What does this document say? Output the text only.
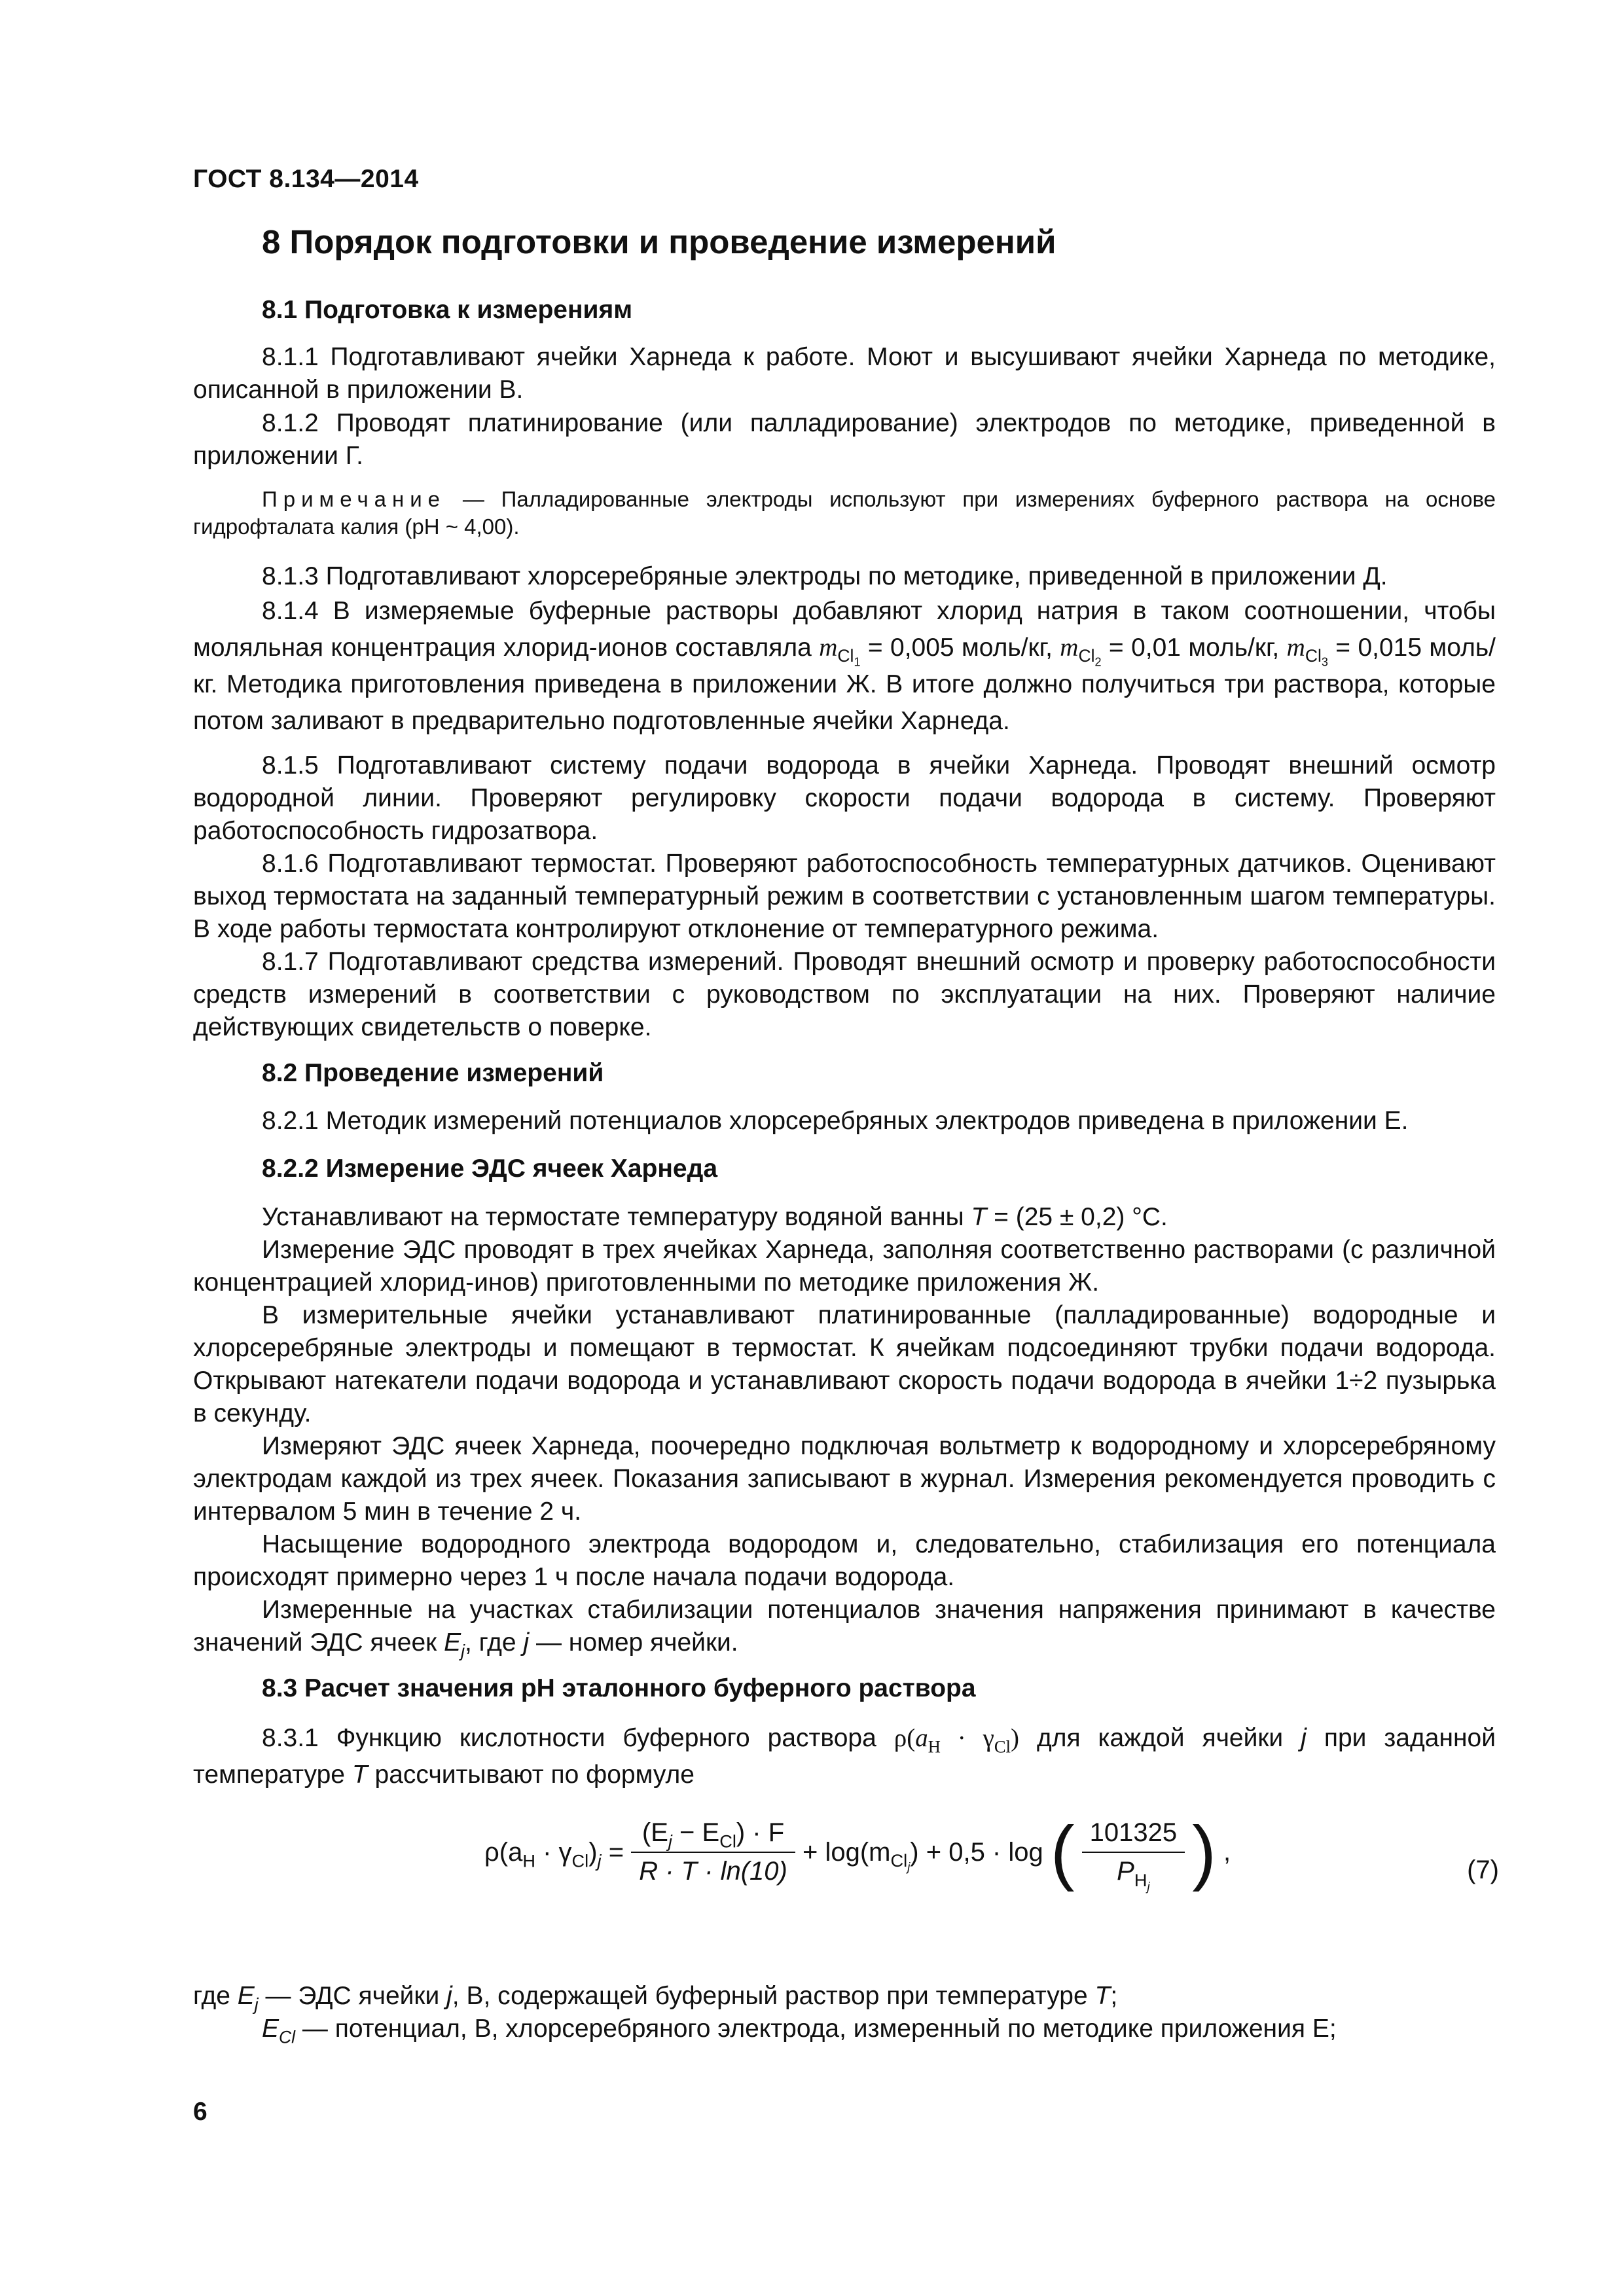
ГОСТ 8.134—2014
8 Порядок подготовки и проведение измерений
8.1 Подготовка к измерениям
8.1.1 Подготавливают ячейки Харнеда к работе. Моют и высушивают ячейки Харнеда по методике, описанной в приложении В.
8.1.2 Проводят платинирование (или палладирование) электродов по методике, приведенной в приложении Г.
Примечание — Палладированные электроды используют при измерениях буферного раствора на основе гидрофталата калия (pH ~ 4,00).
8.1.3 Подготавливают хлорсеребряные электроды по методике, приведенной в приложении Д.
8.1.4 В измеряемые буферные растворы добавляют хлорид натрия в таком соотношении, чтобы моляльная концентрация хлорид-ионов составляла $m_{Cl_1} = 0,005$ моль/кг, $m_{Cl_2} = 0,01$ моль/кг, $m_{Cl_3} = 0,015$ моль/кг. Методика приготовления приведена в приложении Ж. В итоге должно получиться три раствора, которые потом заливают в предварительно подготовленные ячейки Харнеда.
8.1.5 Подготавливают систему подачи водорода в ячейки Харнеда. Проводят внешний осмотр водородной линии. Проверяют регулировку скорости подачи водорода в систему. Проверяют работоспособность гидрозатвора.
8.1.6 Подготавливают термостат. Проверяют работоспособность температурных датчиков. Оценивают выход термостата на заданный температурный режим в соответствии с установленным шагом температуры. В ходе работы термостата контролируют отклонение от температурного режима.
8.1.7 Подготавливают средства измерений. Проводят внешний осмотр и проверку работоспособности средств измерений в соответствии с руководством по эксплуатации на них. Проверяют наличие действующих свидетельств о поверке.
8.2 Проведение измерений
8.2.1 Методик измерений потенциалов хлорсеребряных электродов приведена в приложении Е.
8.2.2 Измерение ЭДС ячеек Харнеда
Устанавливают на термостате температуру водяной ванны T = (25 ± 0,2) °С.
Измерение ЭДС проводят в трех ячейках Харнеда, заполняя соответственно растворами (с различной концентрацией хлорид-инов) приготовленными по методике приложения Ж.
В измерительные ячейки устанавливают платинированные (палладированные) водородные и хлорсеребряные электроды и помещают в термостат. К ячейкам подсоединяют трубки подачи водорода. Открывают натекатели подачи водорода и устанавливают скорость подачи водорода в ячейки 1÷2 пузырька в секунду.
Измеряют ЭДС ячеек Харнеда, поочередно подключая вольтметр к водородному и хлорсеребряному электродам каждой из трех ячеек. Показания записывают в журнал. Измерения рекомендуется проводить с интервалом 5 мин в течение 2 ч.
Насыщение водородного электрода водородом и, следовательно, стабилизация его потенциала происходят примерно через 1 ч после начала подачи водорода.
Измеренные на участках стабилизации потенциалов значения напряжения принимают в качестве значений ЭДС ячеек $E_j$, где j — номер ячейки.
8.3 Расчет значения pH эталонного буферного раствора
8.3.1 Функцию кислотности буферного раствора $\rho(a_H \cdot \gamma_{Cl})$ для каждой ячейки j при заданной температуре T рассчитывают по формуле
$\rho(a_H \cdot \gamma_{Cl})_j = \frac{(E_j - E_{Cl}) \cdot F}{R \cdot T \cdot \ln(10)} + \log(m_{Cl_j}) + 0,5 \cdot \log$ ( $\frac{101325}{P_{H_j}}$ ) ,
(7)
где $E_j$ — ЭДС ячейки j, В, содержащей буферный раствор при температуре T;
$E_{Cl}$ — потенциал, В, хлорсеребряного электрода, измеренный по методике приложения Е;
6
